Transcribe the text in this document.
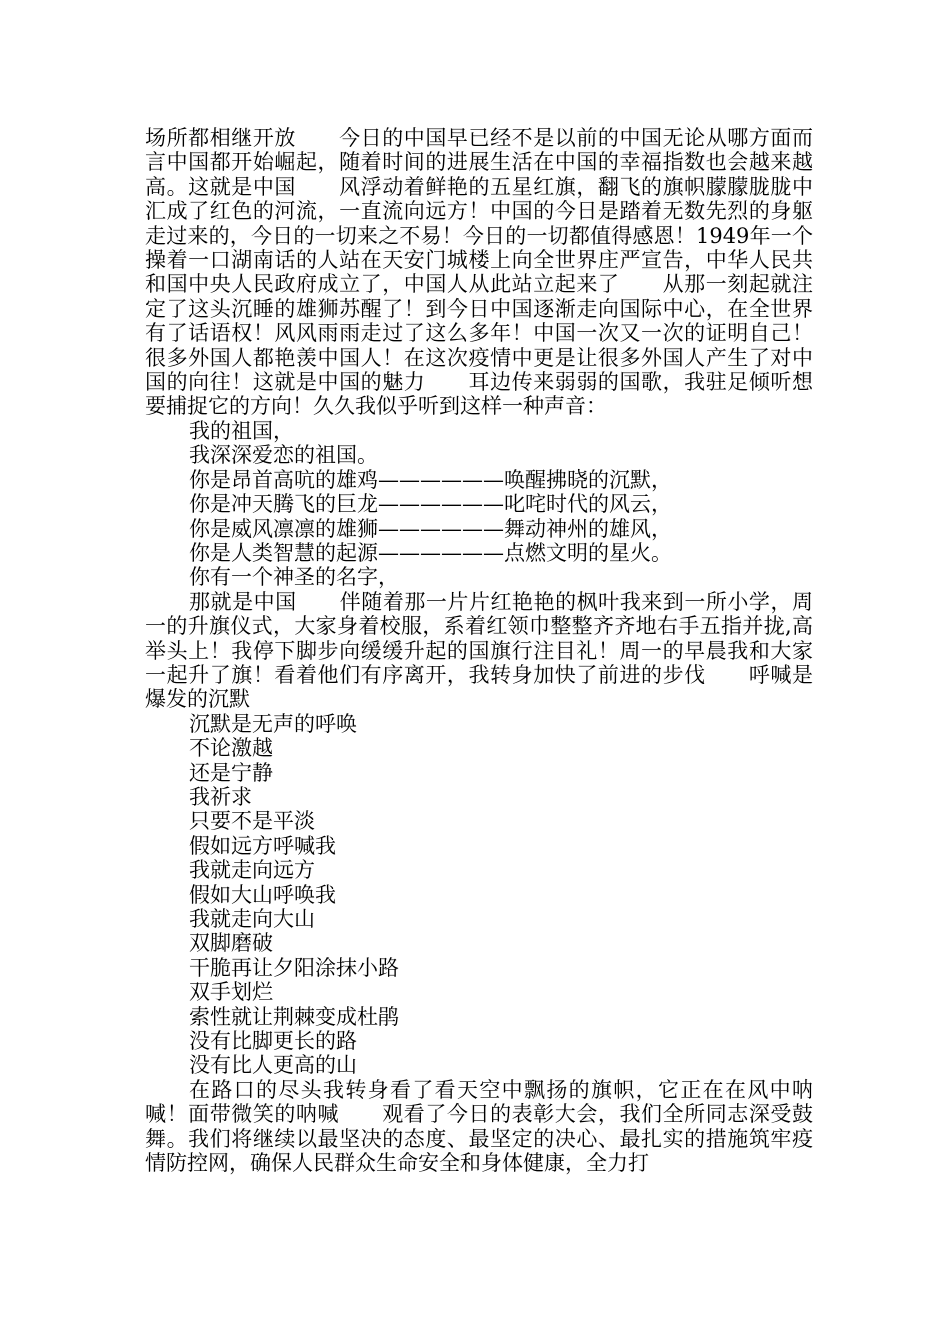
场所都相继开放　　今日的中国早已经不是以前的中国无论从哪方面而言中国都开始崛起，随着时间的进展生活在中国的幸福指数也会越来越高。这就是中国　　风浮动着鲜艳的五星红旗，翻飞的旗帜朦朦胧胧中汇成了红色的河流，一直流向远方！中国的今日是踏着无数先烈的身躯走过来的，今日的一切来之不易！今日的一切都值得感恩！1949年一个操着一口湖南话的人站在天安门城楼上向全世界庄严宣告，中华人民共和国中央人民政府成立了，中国人从此站立起来了　　从那一刻起就注定了这头沉睡的雄狮苏醒了！到今日中国逐渐走向国际中心，在全世界有了话语权！风风雨雨走过了这么多年！中国一次又一次的证明自己！很多外国人都艳羡中国人！在这次疫情中更是让很多外国人产生了对中国的向往！这就是中国的魅力　　耳边传来弱弱的国歌，我驻足倾听想要捕捉它的方向！久久我似乎听到这样一种声音：

我的祖国，

我深深爱恋的祖国。

你是昂首高吭的雄鸡——————唤醒拂晓的沉默，

你是冲天腾飞的巨龙——————叱咤时代的风云，

你是威风凛凛的雄狮——————舞动神州的雄风，

你是人类智慧的起源——————点燃文明的星火。

你有一个神圣的名字，

那就是中国　　伴随着那一片片红艳艳的枫叶我来到一所小学，周一的升旗仪式，大家身着校服，系着红领巾整整齐齐地右手五指并拢,高举头上！我停下脚步向缓缓升起的国旗行注目礼！周一的早晨我和大家一起升了旗！看着他们有序离开，我转身加快了前进的步伐　　呼喊是爆发的沉默

沉默是无声的呼唤

不论激越

还是宁静

我祈求

只要不是平淡

假如远方呼喊我

我就走向远方

假如大山呼唤我

我就走向大山

双脚磨破

干脆再让夕阳涂抹小路

双手划烂

索性就让荆棘变成杜鹃

没有比脚更长的路

没有比人更高的山

在路口的尽头我转身看了看天空中飘扬的旗帜，它正在在风中呐喊！面带微笑的呐喊　　观看了今日的表彰大会，我们全所同志深受鼓舞。我们将继续以最坚决的态度、最坚定的决心、最扎实的措施筑牢疫情防控网，确保人民群众生命安全和身体健康，全力打
